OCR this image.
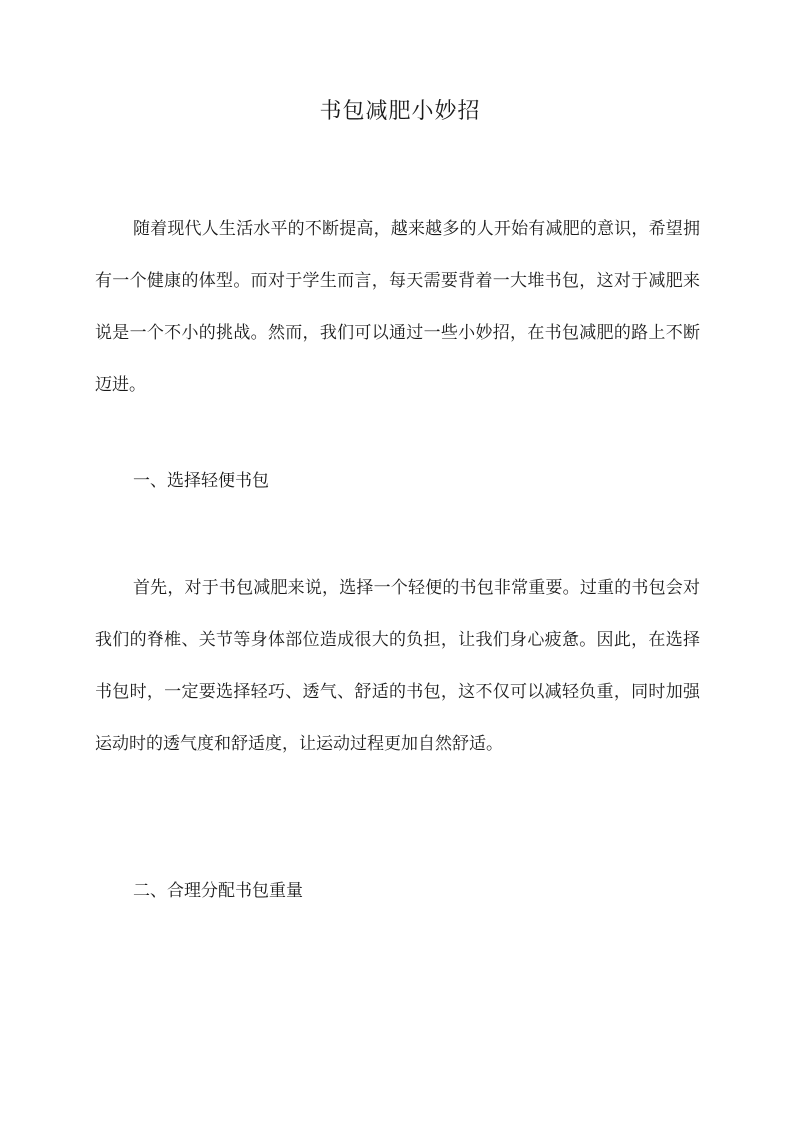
书包减肥小妙招

随着现代人生活水平的不断提高，越来越多的人开始有减肥的意识，希望拥有一个健康的体型。而对于学生而言，每天需要背着一大堆书包，这对于减肥来说是一个不小的挑战。然而，我们可以通过一些小妙招，在书包减肥的路上不断迈进。

一、选择轻便书包

首先，对于书包减肥来说，选择一个轻便的书包非常重要。过重的书包会对我们的脊椎、关节等身体部位造成很大的负担，让我们身心疲惫。因此，在选择书包时，一定要选择轻巧、透气、舒适的书包，这不仅可以减轻负重，同时加强运动时的透气度和舒适度，让运动过程更加自然舒适。

二、合理分配书包重量
